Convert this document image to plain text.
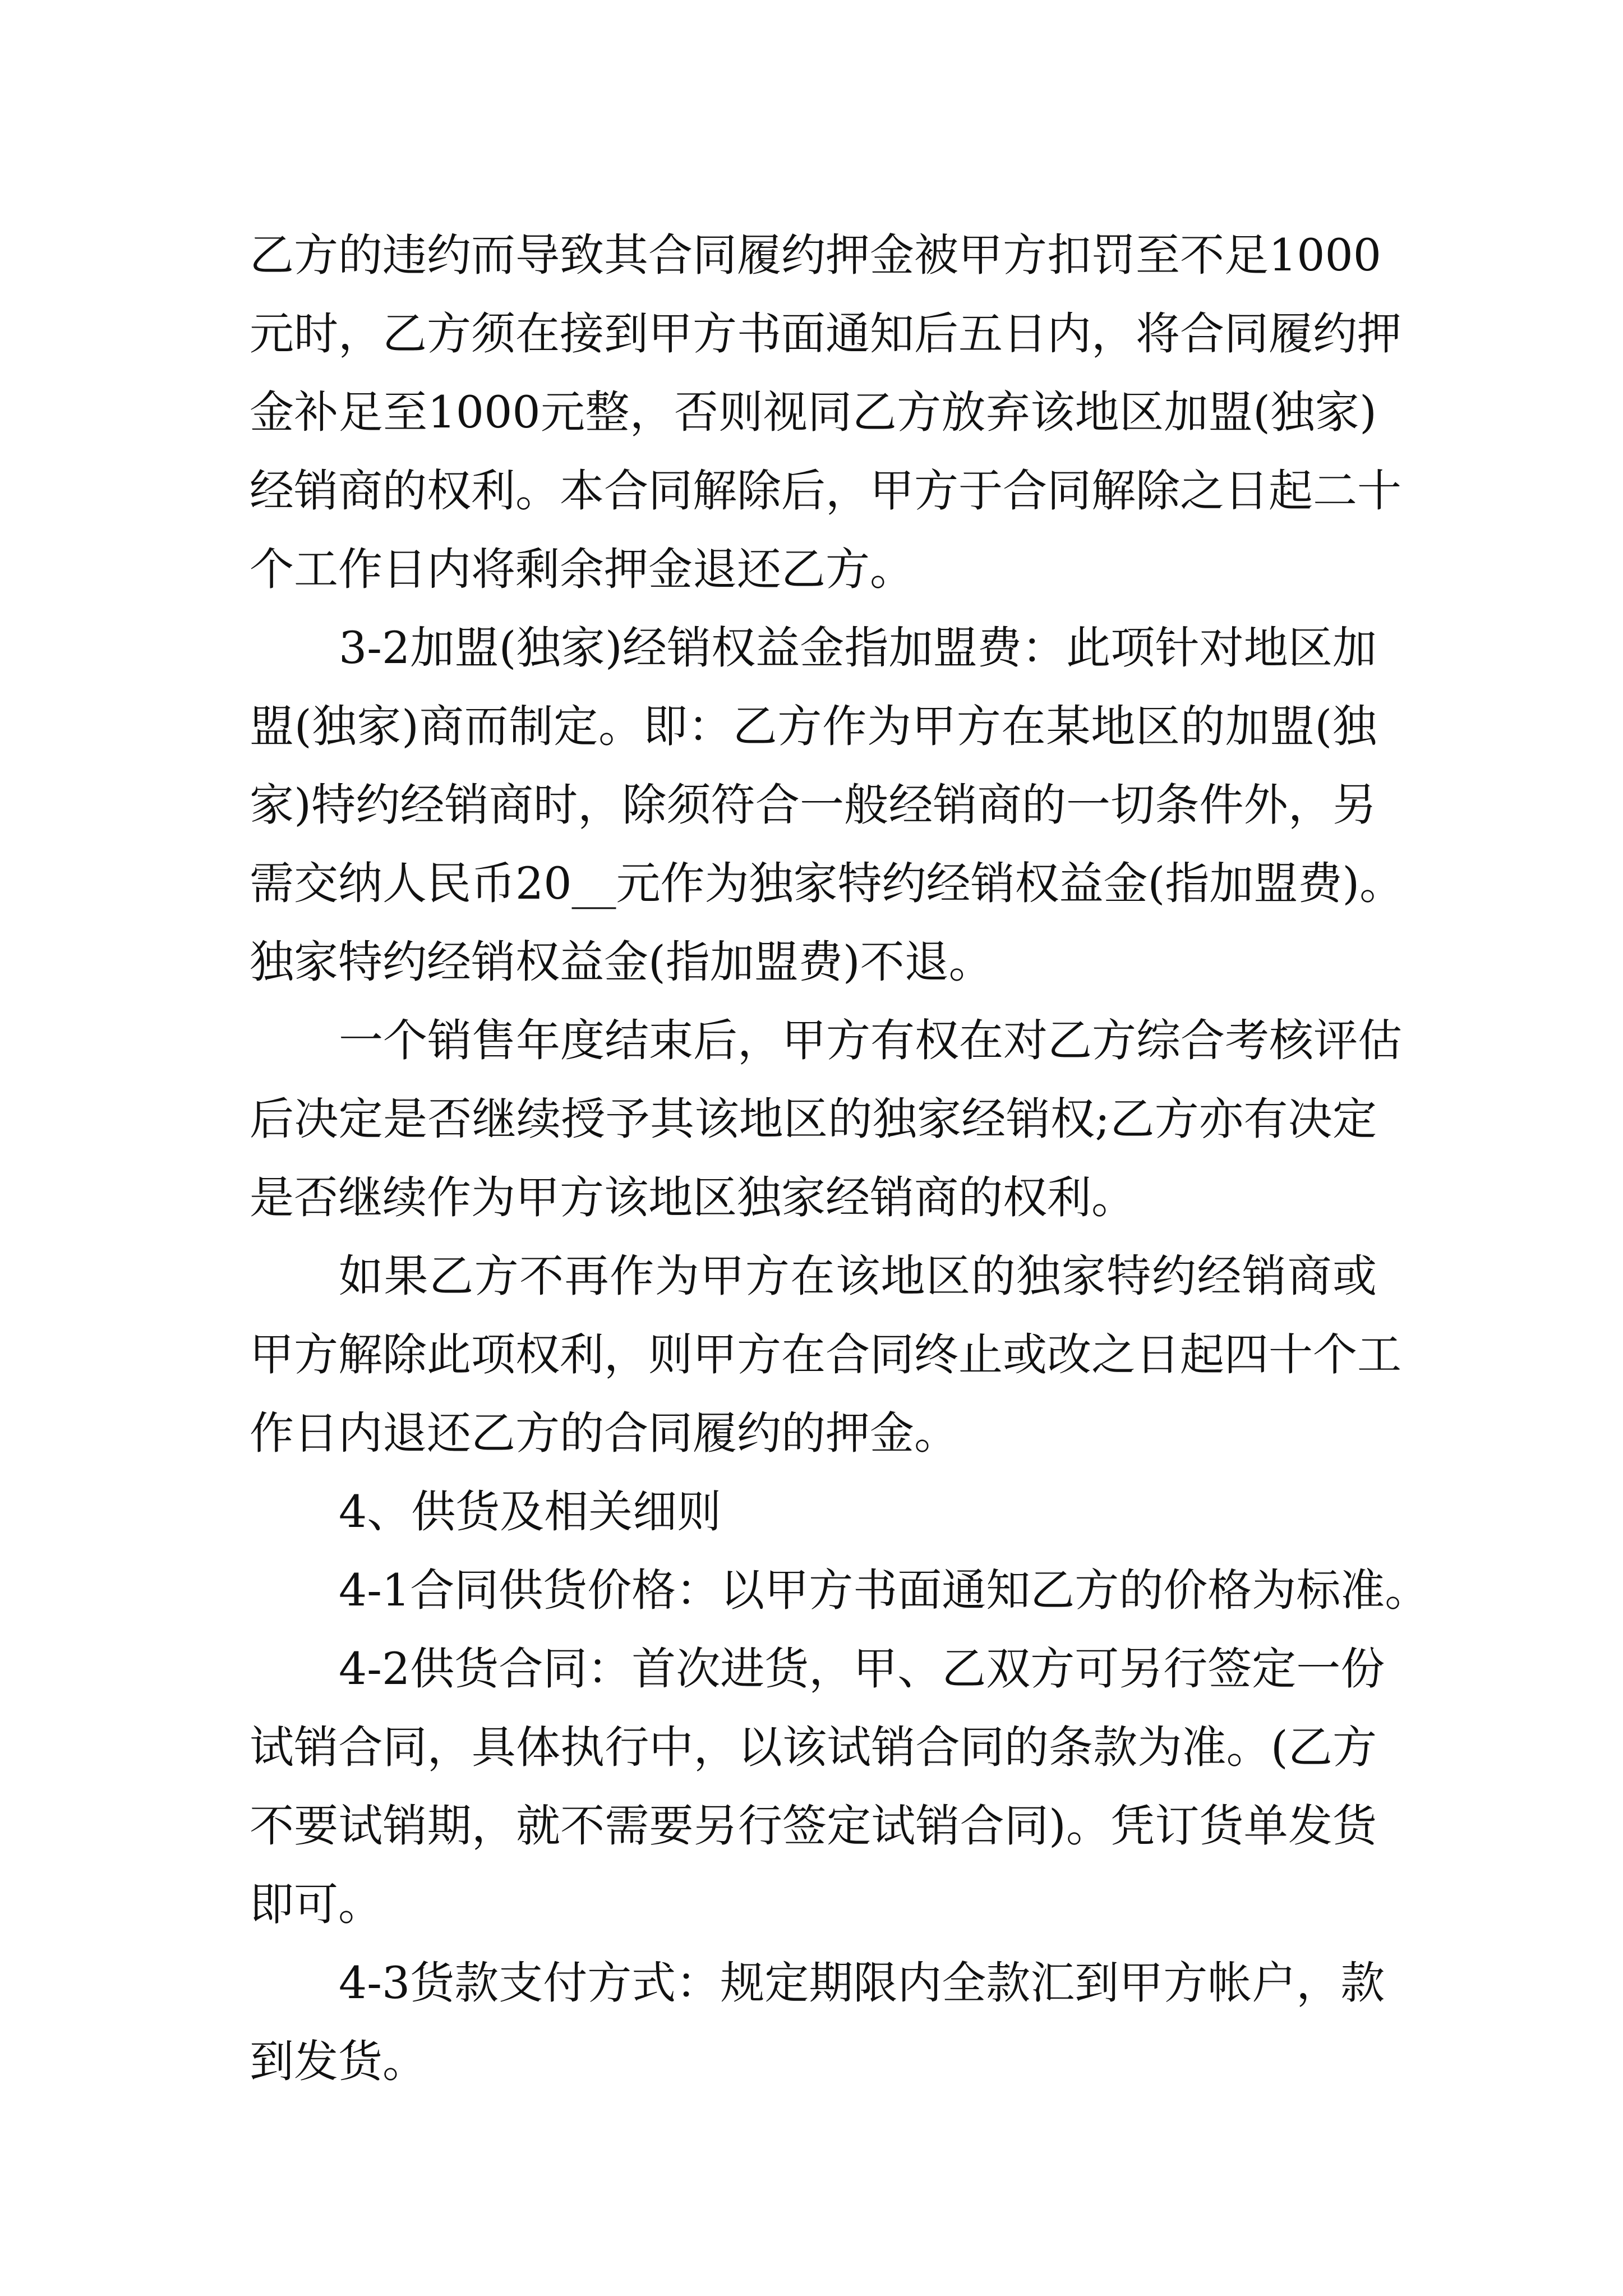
乙方的违约而导致其合同履约押金被甲方扣罚至不足1000
元时，乙方须在接到甲方书面通知后五日内，将合同履约押
金补足至1000元整，否则视同乙方放弃该地区加盟(独家)
经销商的权利。本合同解除后，甲方于合同解除之日起二十
个工作日内将剩余押金退还乙方。
3-2加盟(独家)经销权益金指加盟费：此项针对地区加
盟(独家)商而制定。即：乙方作为甲方在某地区的加盟(独
家)特约经销商时，除须符合一般经销商的一切条件外，另
需交纳人民币20__元作为独家特约经销权益金(指加盟费)。
独家特约经销权益金(指加盟费)不退。
一个销售年度结束后，甲方有权在对乙方综合考核评估
后决定是否继续授予其该地区的独家经销权;乙方亦有决定
是否继续作为甲方该地区独家经销商的权利。
如果乙方不再作为甲方在该地区的独家特约经销商或
甲方解除此项权利，则甲方在合同终止或改之日起四十个工
作日内退还乙方的合同履约的押金。
4、供货及相关细则
4-1合同供货价格：以甲方书面通知乙方的价格为标准。
4-2供货合同：首次进货，甲、乙双方可另行签定一份
试销合同，具体执行中，以该试销合同的条款为准。(乙方
不要试销期，就不需要另行签定试销合同)。凭订货单发货
即可。
4-3货款支付方式：规定期限内全款汇到甲方帐户，款
到发货。
